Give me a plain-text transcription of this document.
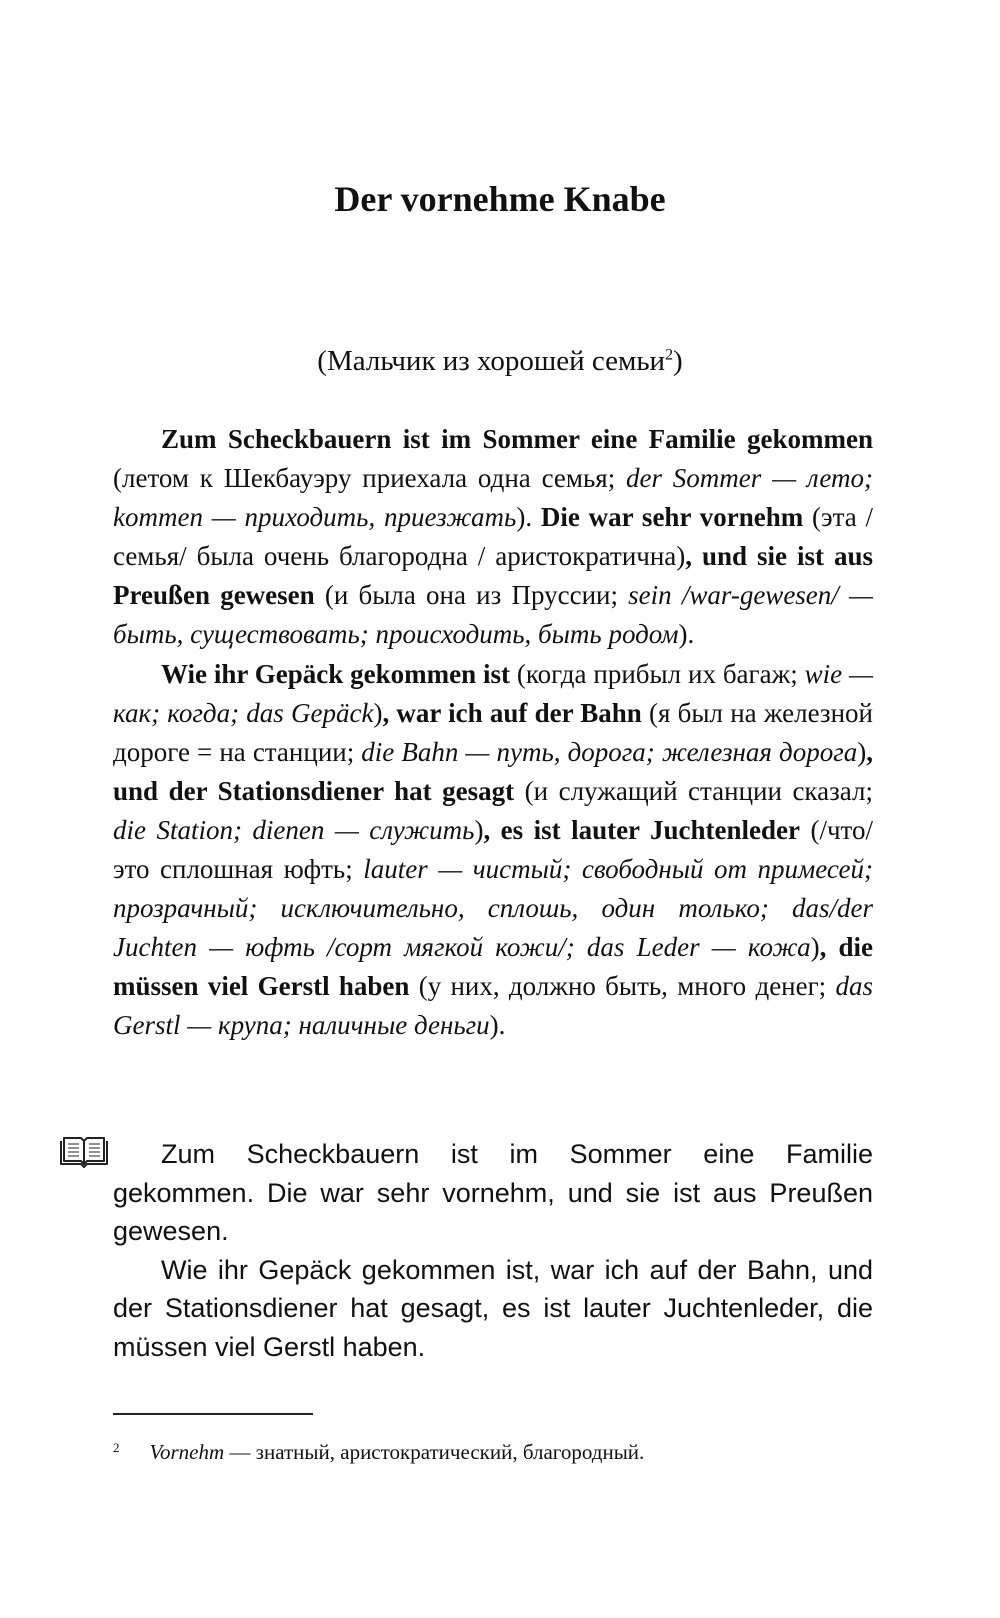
Der vornehme Knabe
(Мальчик из хорошей семьи$^2$)

Zum Scheckbauern ist im Sommer eine Familie gekommen (летом к Шекбауэру приехала одна семья; der Sommer — лето; kommen — приходить, приезжать). Die war sehr vornehm (эта /семья/ была очень благородна / аристократична), und sie ist aus Preußen gewesen (и была она из Пруссии; sein /war-gewesen/ — быть, существовать; происходить, быть родом).

Wie ihr Gepäck gekommen ist (когда прибыл их багаж; wie — как; когда; das Gepäck), war ich auf der Bahn (я был на железной дороге = на станции; die Bahn — путь, дорога; железная дорога), und der Stationsdiener hat gesagt (и служащий станции сказал; die Station; dienen — служить), es ist lauter Juchtenleder (/что/ это сплошная юфть; lauter — чистый; свободный от примесей; прозрачный; исключительно, сплошь, один только; das/der Juchten — юфть /сорт мягкой кожи/; das Leder — кожа), die müssen viel Gerstl haben (у них, должно быть, много денег; das Gerstl — крупа; наличные деньги).

Zum Scheckbauern ist im Sommer eine Familie gekommen. Die war sehr vornehm, und sie ist aus Preußen gewesen.

Wie ihr Gepäck gekommen ist, war ich auf der Bahn, und der Stationsdiener hat gesagt, es ist lauter Juchtenleder, die müssen viel Gerstl haben.

$^2$ Vornehm — знатный, аристократический, благородный.
